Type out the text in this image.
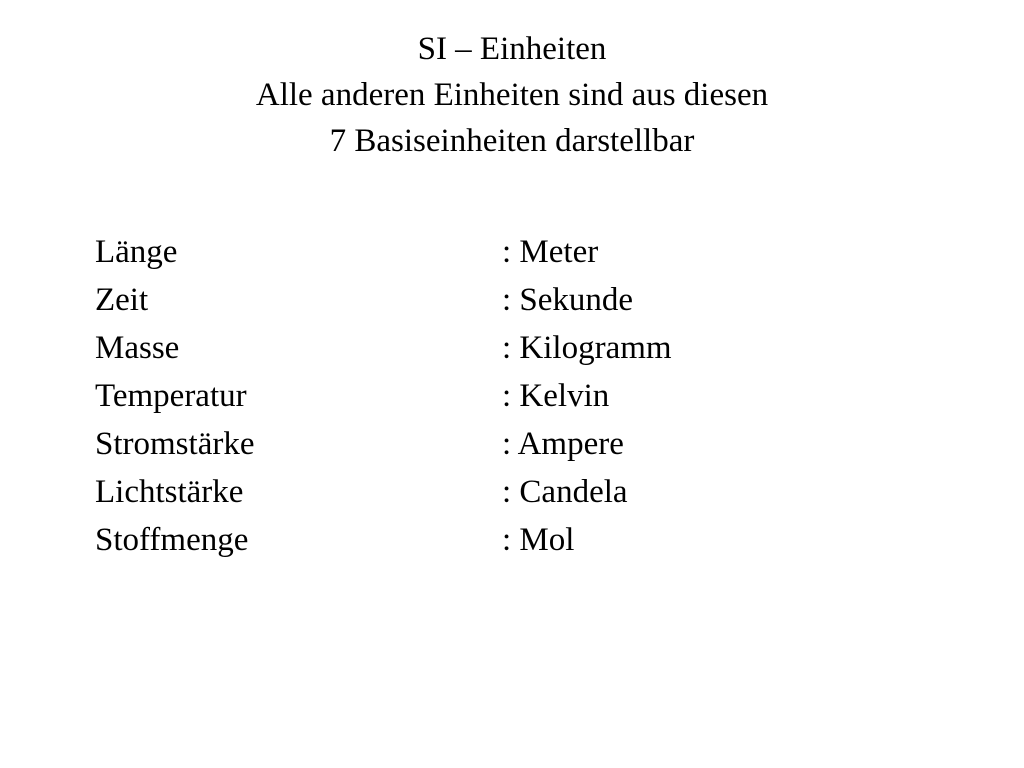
SI – Einheiten
Alle anderen Einheiten sind aus diesen
7 Basiseinheiten darstellbar
Länge	: Meter
Zeit	: Sekunde
Masse	: Kilogramm
Temperatur	: Kelvin
Stromstärke	: Ampere
Lichtstärke	: Candela
Stoffmenge	: Mol
